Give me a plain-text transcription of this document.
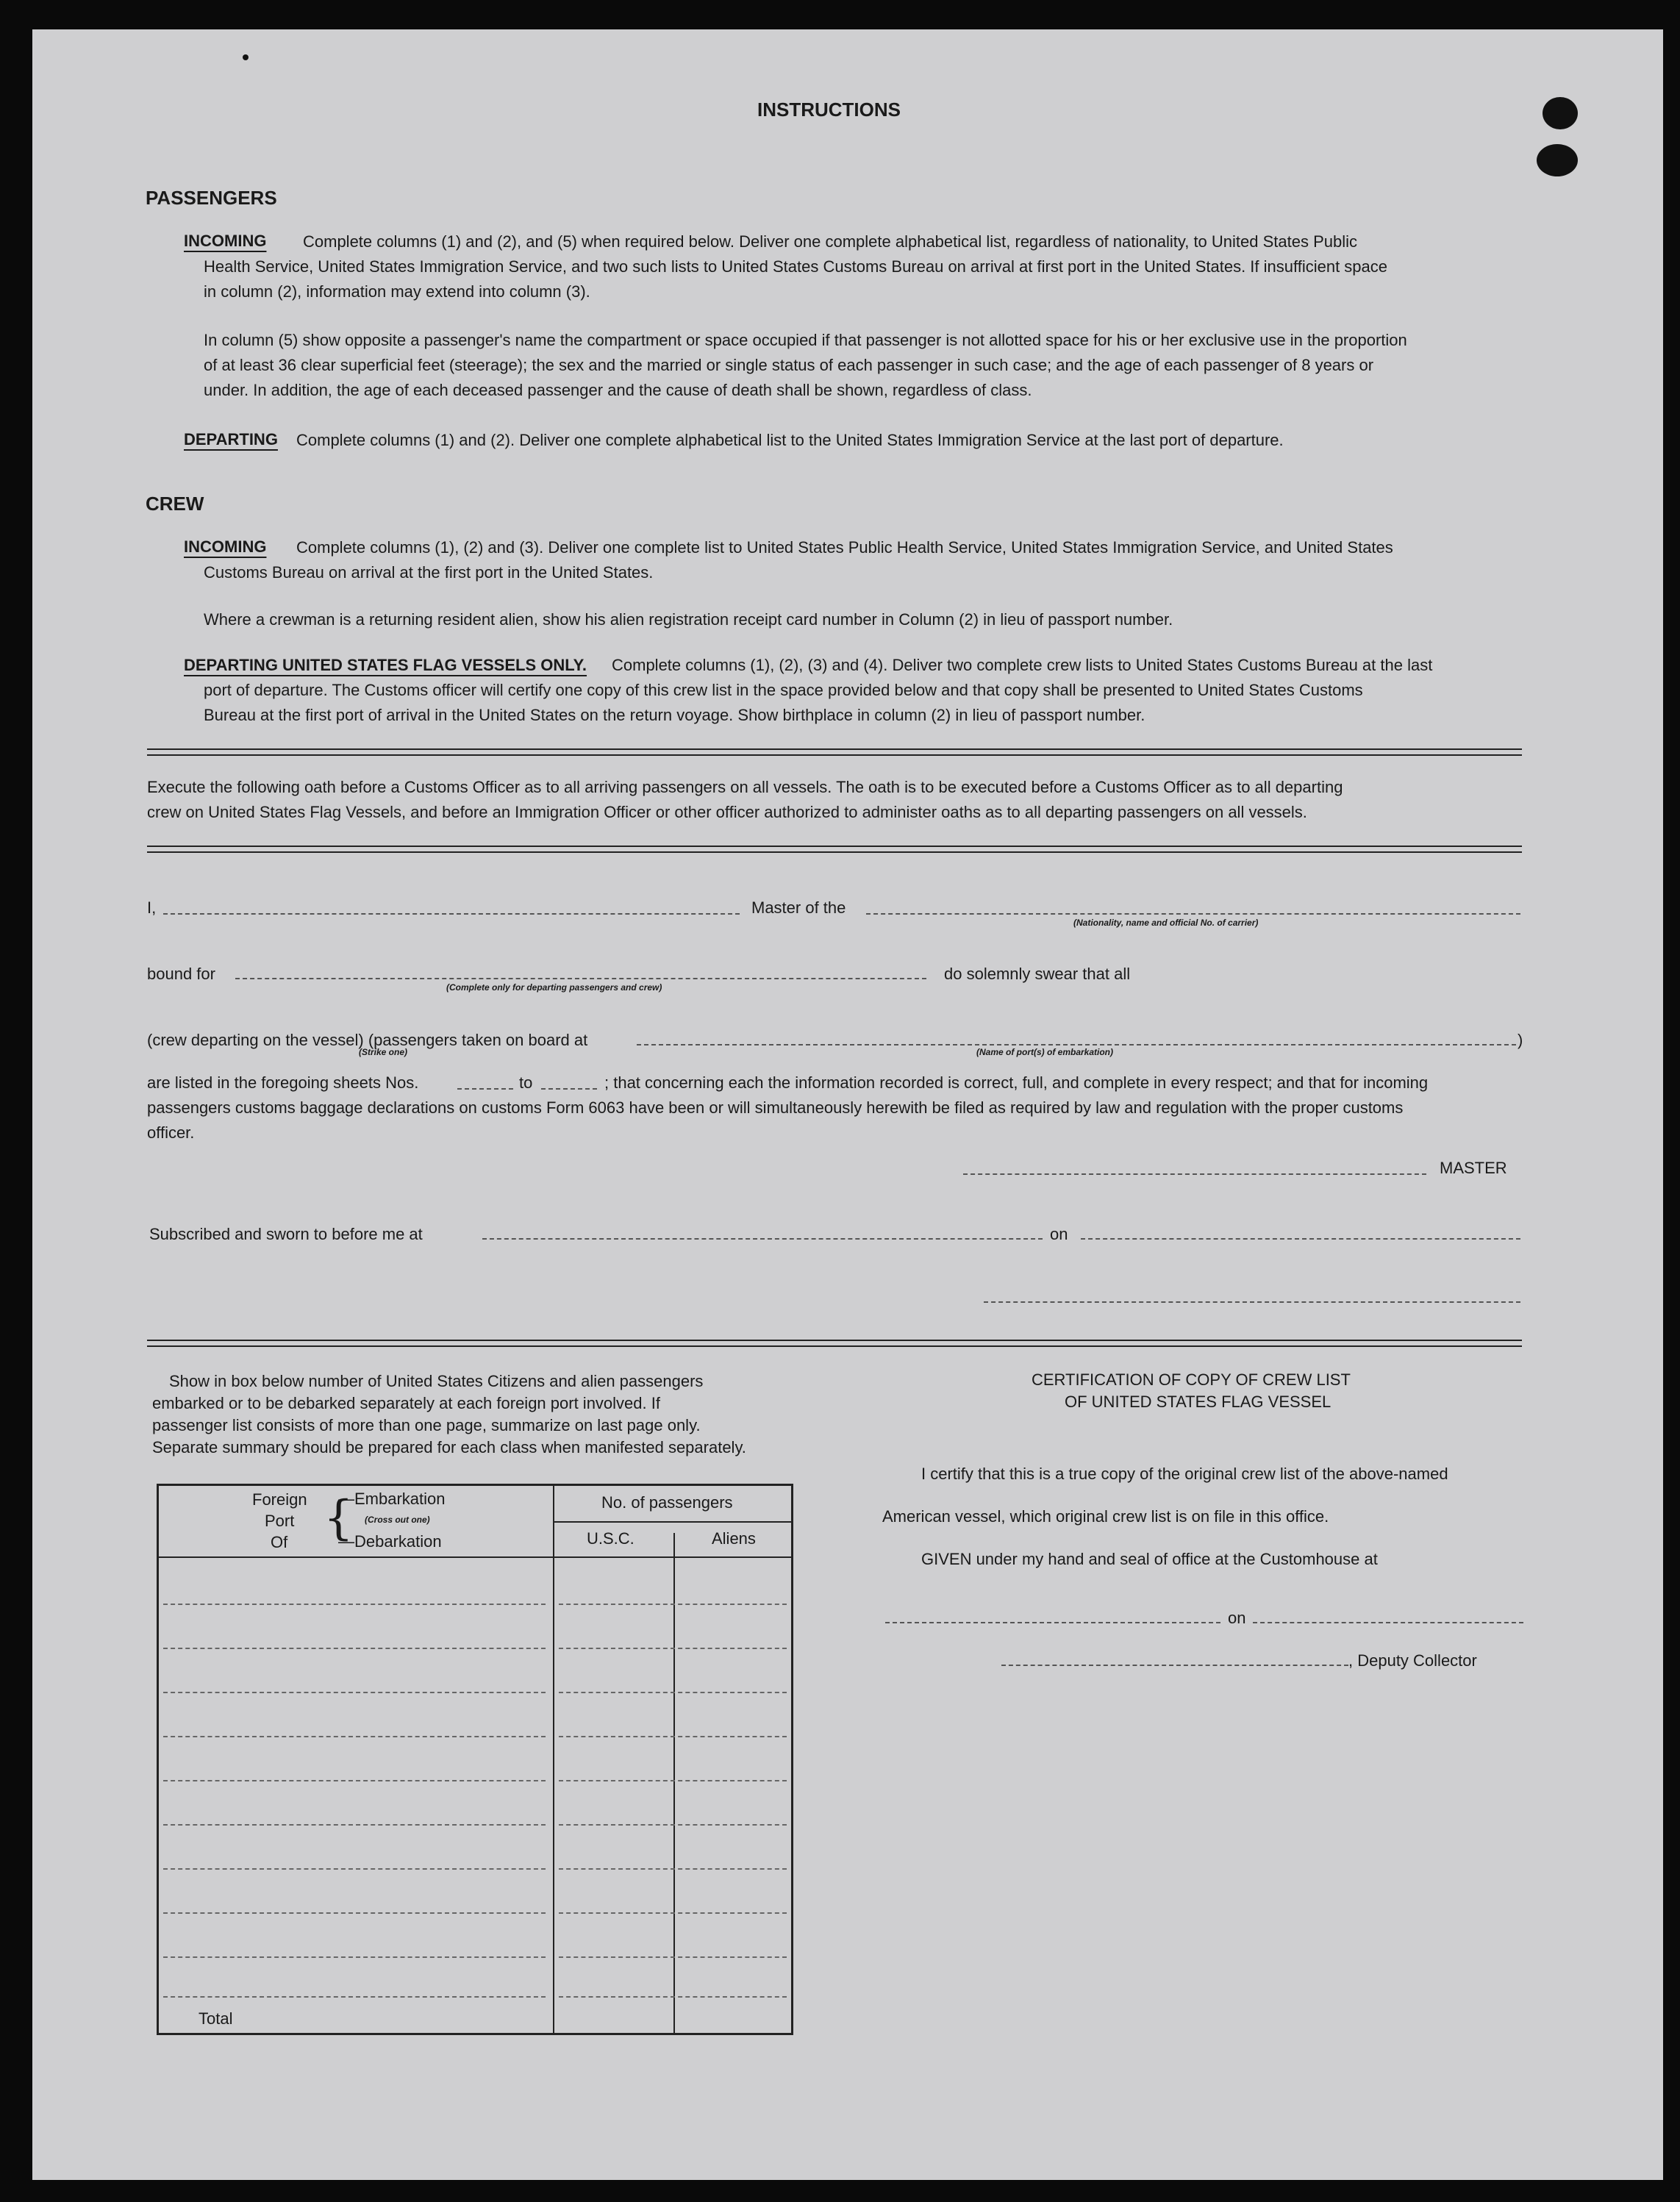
INSTRUCTIONS
PASSENGERS
INCOMING Complete columns (1) and (2), and (5) when required below. Deliver one complete alphabetical list, regardless of nationality, to United States Public
Health Service, United States Immigration Service, and two such lists to United States Customs Bureau on arrival at first port in the United States. If insufficient space
in column (2), information may extend into column (3).
In column (5) show opposite a passenger's name the compartment or space occupied if that passenger is not allotted space for his or her exclusive use in the proportion
of at least 36 clear superficial feet (steerage); the sex and the married or single status of each passenger in such case; and the age of each passenger of 8 years or
under. In addition, the age of each deceased passenger and the cause of death shall be shown, regardless of class.
DEPARTING Complete columns (1) and (2). Deliver one complete alphabetical list to the United States Immigration Service at the last port of departure.
CREW
INCOMING Complete columns (1), (2) and (3). Deliver one complete list to United States Public Health Service, United States Immigration Service, and United States
Customs Bureau on arrival at the first port in the United States.
Where a crewman is a returning resident alien, show his alien registration receipt card number in Column (2) in lieu of passport number.
DEPARTING UNITED STATES FLAG VESSELS ONLY. Complete columns (1), (2), (3) and (4). Deliver two complete crew lists to United States Customs Bureau at the last
port of departure. The Customs officer will certify one copy of this crew list in the space provided below and that copy shall be presented to United States Customs
Bureau at the first port of arrival in the United States on the return voyage. Show birthplace in column (2) in lieu of passport number.
Execute the following oath before a Customs Officer as to all arriving passengers on all vessels. The oath is to be executed before a Customs Officer as to all departing
crew on United States Flag Vessels, and before an Immigration Officer or other officer authorized to administer oaths as to all departing passengers on all vessels.
I,	Master of the
(Nationality, name and official No. of carrier)
bound for
(Complete only for departing passengers and crew)
do solemnly swear that all
(crew departing on the vessel) (passengers taken on board at	)
(Strike one)	(Name of port(s) of embarkation)
are listed in the foregoing sheets Nos.	to	; that concerning each the information recorded is correct, full, and complete in every respect; and that for incoming
passengers customs baggage declarations on customs Form 6063 have been or will simultaneously herewith be filed as required by law and regulation with the proper customs
officer.
MASTER
Subscribed and sworn to before me at	on
Show in box below number of United States Citizens and alien passengers
embarked or to be debarked separately at each foreign port involved. If
passenger list consists of more than one page, summarize on last page only.
Separate summary should be prepared for each class when manifested separately.
Foreign
Port
Of {
—Embarkation
(Cross out one)
—Debarkation
No. of passengers
U.S.C.	Aliens
Total
CERTIFICATION OF COPY OF CREW LIST
OF UNITED STATES FLAG VESSEL
I certify that this is a true copy of the original crew list of the above-named
American vessel, which original crew list is on file in this office.
GIVEN under my hand and seal of office at the Customhouse at
on
, Deputy Collector
